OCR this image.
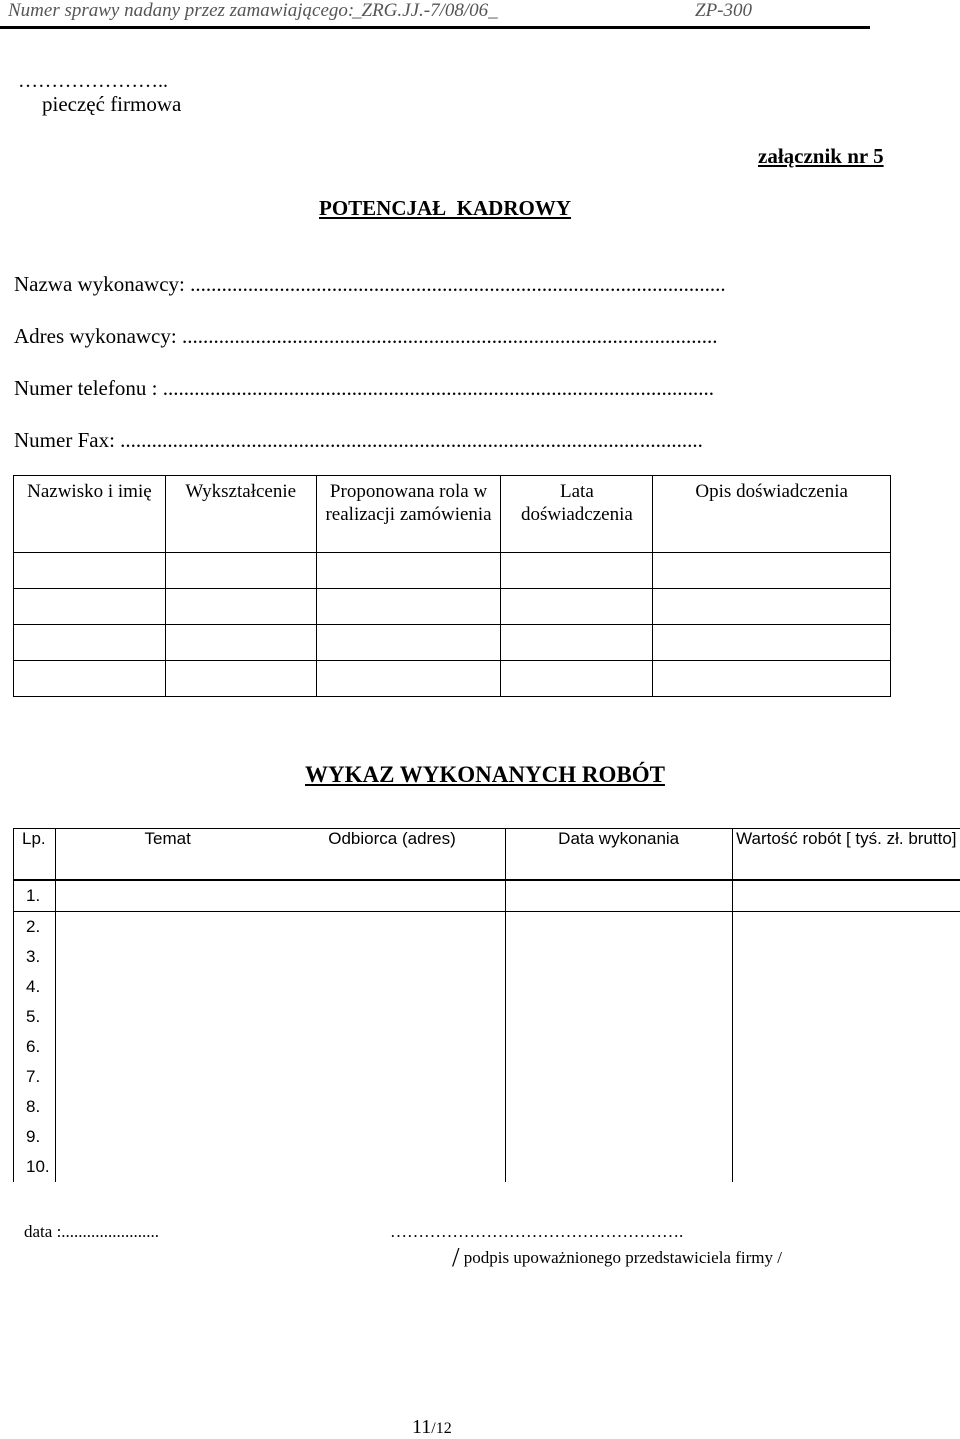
Numer sprawy nadany przez zamawiającego:
_ZRG.JJ.-7/08/06_	ZP-300
…………………..
pieczęć firmowa
załącznik nr 5
POTENCJAŁ  KADROWY
Nazwa wykonawcy: ......................................................................................................
Adres wykonawcy: ......................................................................................................
Numer telefonu : .........................................................................................................
Numer Fax: ...............................................................................................................
Nazwisko i imię	Wykształcenie	Proponowana rola w realizacji zamówienia	Lata doświadczenia	Opis doświadczenia

WYKAZ WYKONANYCH ROBÓT
Lp.	Temat	Odbiorca (adres)	Data wykonania	Wartość robót [ tyś. zł. brutto]
1.				
2.				
3.				
4.				
5.				
6.				
7.				
8.				
9.				
10.				
data :.......................	…………………………………………….
/ podpis upoważnionego przedstawiciela firmy /
11/12
